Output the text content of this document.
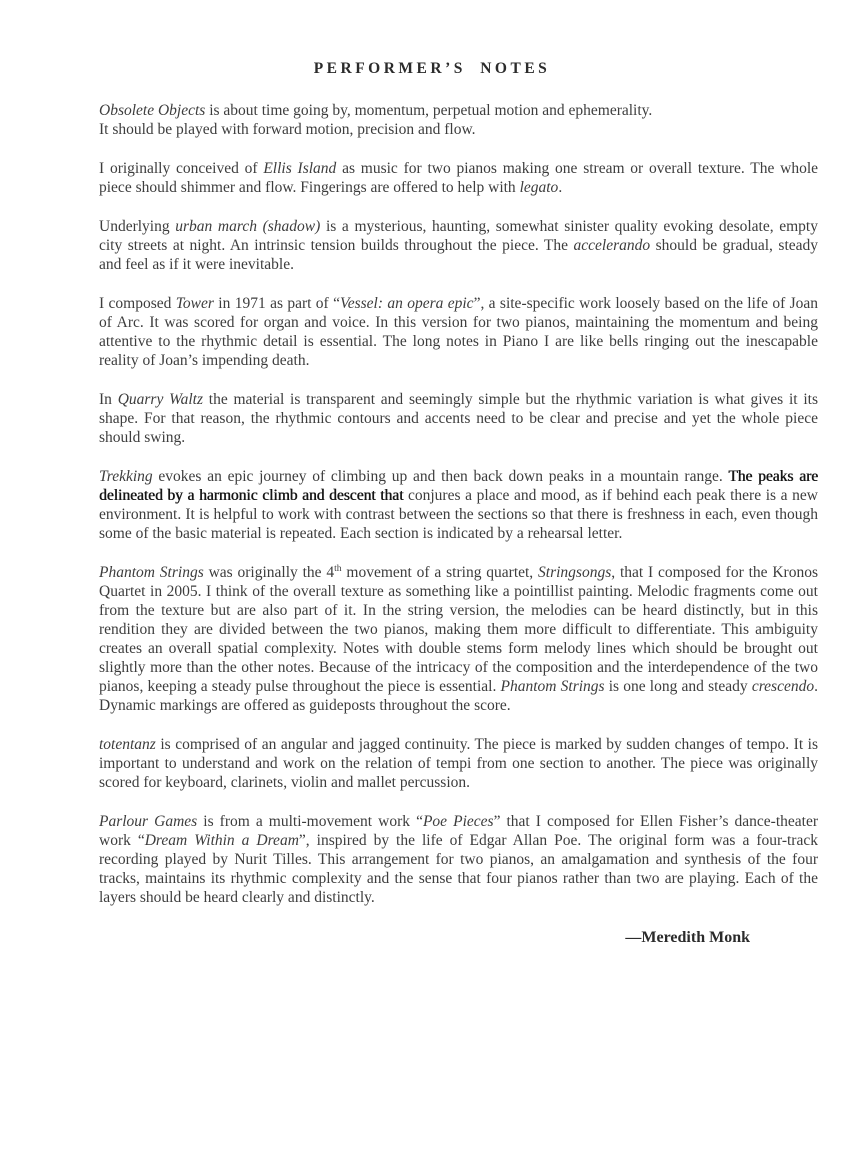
PERFORMER’S NOTES

Obsolete Objects is about time going by, momentum, perpetual motion and ephemerality.
It should be played with forward motion, precision and flow.

I originally conceived of Ellis Island as music for two pianos making one stream or overall texture. The whole piece should shimmer and flow. Fingerings are offered to help with legato.

Underlying urban march (shadow) is a mysterious, haunting, somewhat sinister quality evoking desolate, empty city streets at night. An intrinsic tension builds throughout the piece. The accelerando should be gradual, steady and feel as if it were inevitable.

I composed Tower in 1971 as part of “Vessel: an opera epic”, a site-specific work loosely based on the life of Joan of Arc. It was scored for organ and voice. In this version for two pianos, maintaining the momentum and being attentive to the rhythmic detail is essential. The long notes in Piano I are like bells ringing out the inescapable reality of Joan’s impending death.

In Quarry Waltz the material is transparent and seemingly simple but the rhythmic variation is what gives it its shape. For that reason, the rhythmic contours and accents need to be clear and precise and yet the whole piece should swing.

Trekking evokes an epic journey of climbing up and then back down peaks in a mountain range. The peaks are delineated by a harmonic climb and descent that conjures a place and mood, as if behind each peak there is a new environment. It is helpful to work with contrast between the sections so that there is freshness in each, even though some of the basic material is repeated. Each section is indicated by a rehearsal letter.

Phantom Strings was originally the 4th movement of a string quartet, Stringsongs, that I composed for the Kronos Quartet in 2005. I think of the overall texture as something like a pointillist painting. Melodic fragments come out from the texture but are also part of it. In the string version, the melodies can be heard distinctly, but in this rendition they are divided between the two pianos, making them more difficult to differentiate. This ambiguity creates an overall spatial complexity. Notes with double stems form melody lines which should be brought out slightly more than the other notes. Because of the intricacy of the composition and the interdependence of the two pianos, keeping a steady pulse throughout the piece is essential. Phantom Strings is one long and steady crescendo. Dynamic markings are offered as guideposts throughout the score.

totentanz is comprised of an angular and jagged continuity. The piece is marked by sudden changes of tempo. It is important to understand and work on the relation of tempi from one section to another. The piece was originally scored for keyboard, clarinets, violin and mallet percussion.

Parlour Games is from a multi-movement work “Poe Pieces” that I composed for Ellen Fisher’s dance-theater work “Dream Within a Dream”, inspired by the life of Edgar Allan Poe. The original form was a four-track recording played by Nurit Tilles. This arrangement for two pianos, an amalgamation and synthesis of the four tracks, maintains its rhythmic complexity and the sense that four pianos rather than two are playing. Each of the layers should be heard clearly and distinctly.

—Meredith Monk
